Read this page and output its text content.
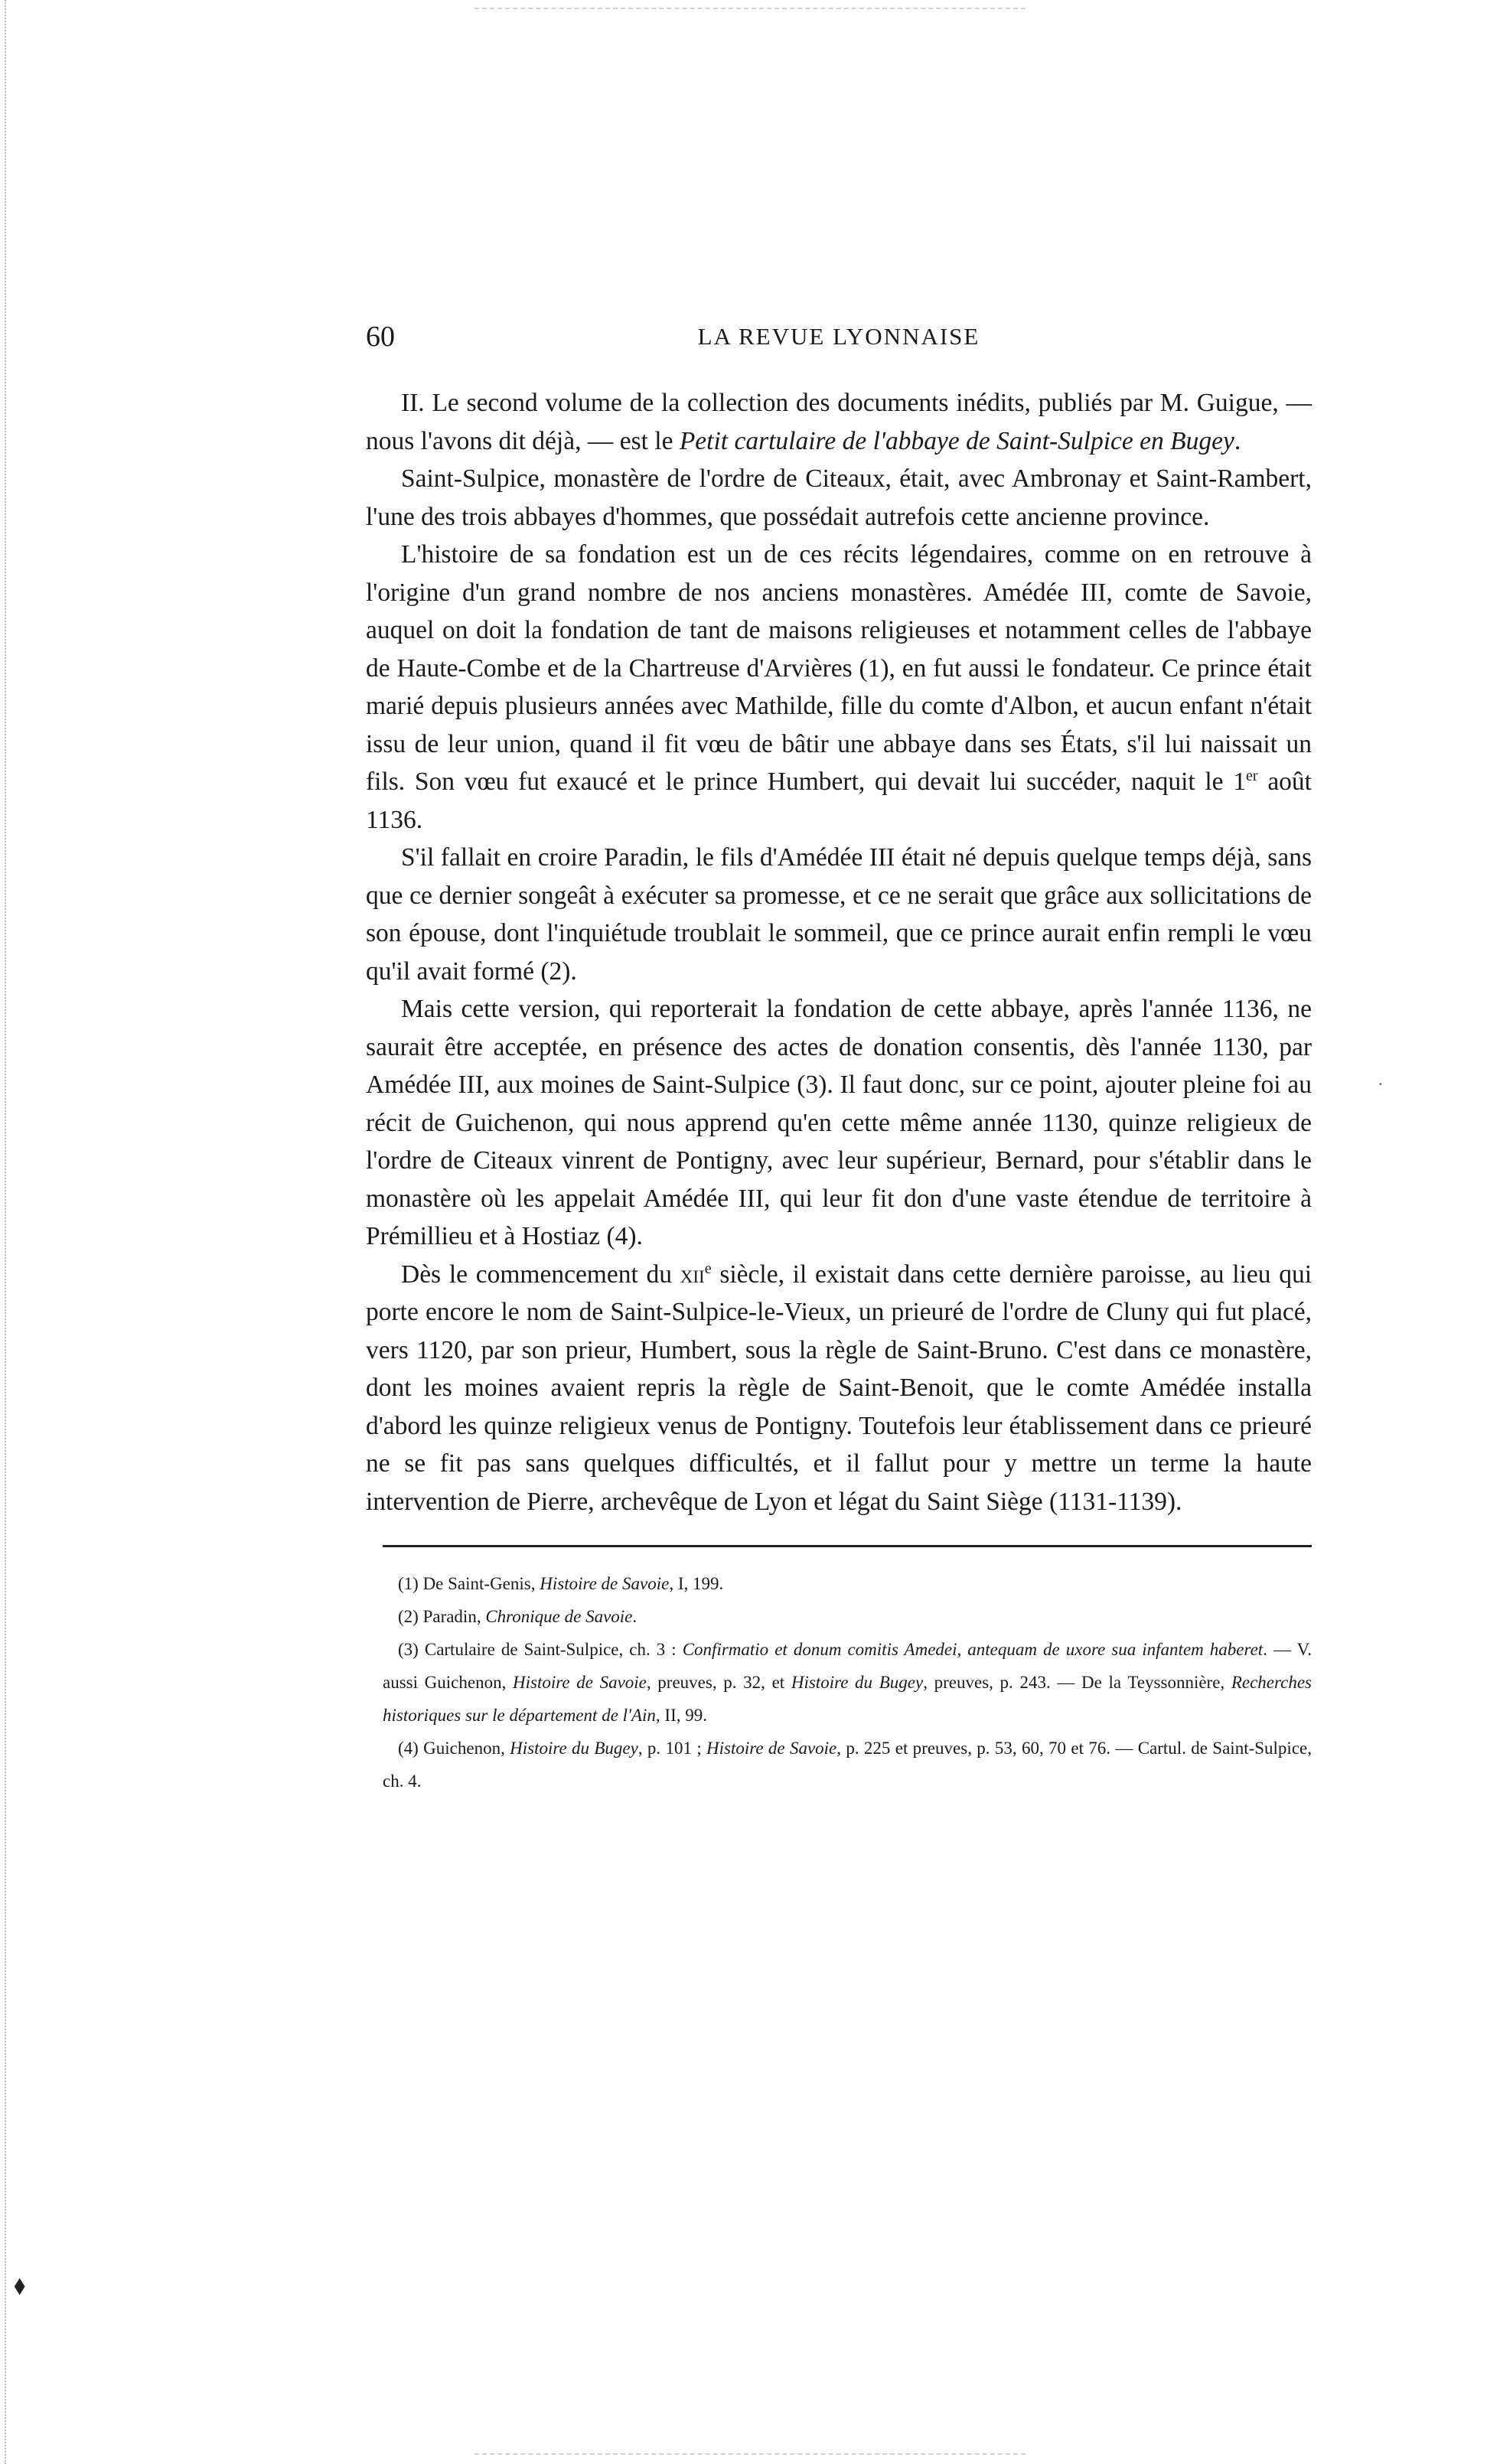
·
⬧
60	LA REVUE LYONNAISE

II. Le second volume de la collection des documents inédits, publiés par M. Guigue, — nous l'avons dit déjà, — est le Petit cartulaire de l'abbaye de Saint-Sulpice en Bugey.

Saint-Sulpice, monastère de l'ordre de Citeaux, était, avec Ambronay et Saint-Rambert, l'une des trois abbayes d'hommes, que possédait autrefois cette ancienne province.

L'histoire de sa fondation est un de ces récits légendaires, comme on en retrouve à l'origine d'un grand nombre de nos anciens monastères. Amédée III, comte de Savoie, auquel on doit la fondation de tant de maisons religieuses et notamment celles de l'abbaye de Haute-Combe et de la Chartreuse d'Arvières (1), en fut aussi le fondateur. Ce prince était marié depuis plusieurs années avec Mathilde, fille du comte d'Albon, et aucun enfant n'était issu de leur union, quand il fit vœu de bâtir une abbaye dans ses États, s'il lui naissait un fils. Son vœu fut exaucé et le prince Humbert, qui devait lui succéder, naquit le 1er août 1136.

S'il fallait en croire Paradin, le fils d'Amédée III était né depuis quelque temps déjà, sans que ce dernier songeât à exécuter sa promesse, et ce ne serait que grâce aux sollicitations de son épouse, dont l'inquiétude troublait le sommeil, que ce prince aurait enfin rempli le vœu qu'il avait formé (2).

Mais cette version, qui reporterait la fondation de cette abbaye, après l'année 1136, ne saurait être acceptée, en présence des actes de donation consentis, dès l'année 1130, par Amédée III, aux moines de Saint-Sulpice (3). Il faut donc, sur ce point, ajouter pleine foi au récit de Guichenon, qui nous apprend qu'en cette même année 1130, quinze religieux de l'ordre de Citeaux vinrent de Pontigny, avec leur supérieur, Bernard, pour s'établir dans le monastère où les appelait Amédée III, qui leur fit don d'une vaste étendue de territoire à Prémillieu et à Hostiaz (4).

Dès le commencement du xii$^e$ siècle, il existait dans cette dernière paroisse, au lieu qui porte encore le nom de Saint-Sulpice-le-Vieux, un prieuré de l'ordre de Cluny qui fut placé, vers 1120, par son prieur, Humbert, sous la règle de Saint-Bruno. C'est dans ce monastère, dont les moines avaient repris la règle de Saint-Benoit, que le comte Amédée installa d'abord les quinze religieux venus de Pontigny. Toutefois leur établissement dans ce prieuré ne se fit pas sans quelques difficultés, et il fallut pour y mettre un terme la haute intervention de Pierre, archevêque de Lyon et légat du Saint Siège (1131-1139).

(1) De Saint-Genis, Histoire de Savoie, I, 199.

(2) Paradin, Chronique de Savoie.

(3) Cartulaire de Saint-Sulpice, ch. 3 : Confirmatio et donum comitis Amedei, antequam de uxore sua infantem haberet. — V. aussi Guichenon, Histoire de Savoie, preuves, p. 32, et Histoire du Bugey, preuves, p. 243. — De la Teyssonnière, Recherches historiques sur le département de l'Ain, II, 99.

(4) Guichenon, Histoire du Bugey, p. 101 ; Histoire de Savoie, p. 225 et preuves, p. 53, 60, 70 et 76. — Cartul. de Saint-Sulpice, ch. 4.
